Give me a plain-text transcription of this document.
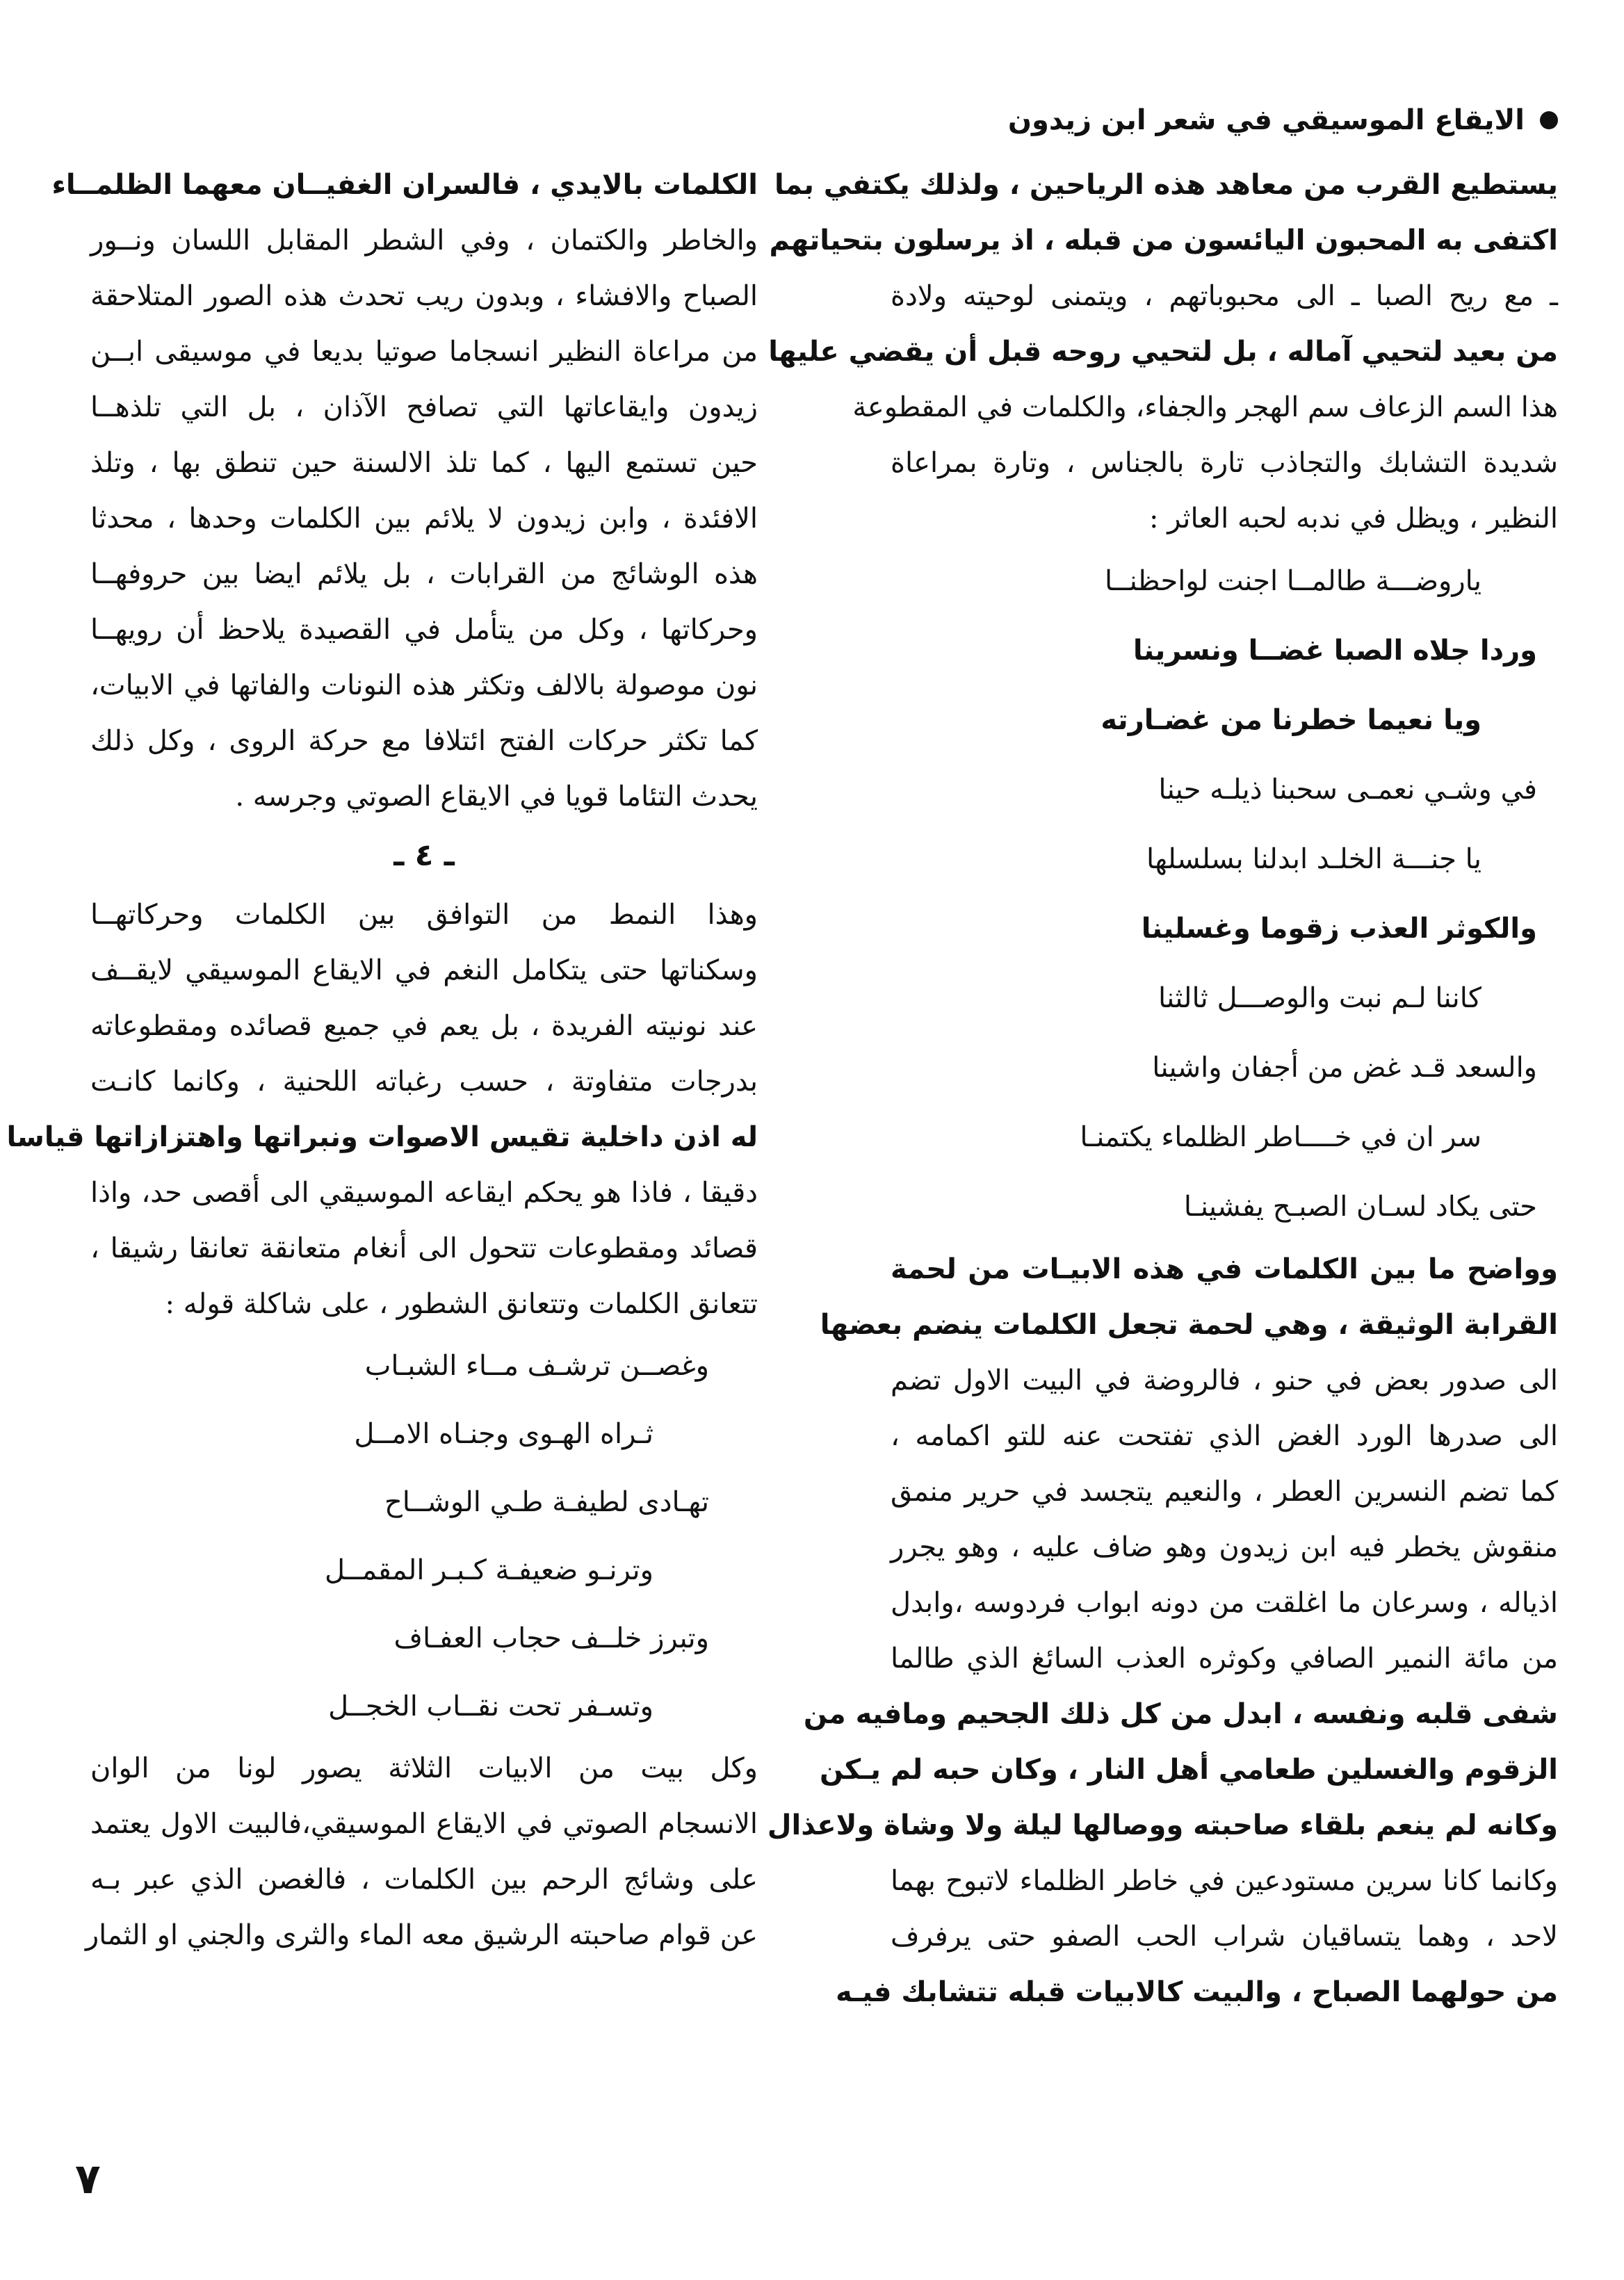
الايقاع الموسيقي في شعر ابن زيدون
يستطيع القرب من معاهد هذه الرياحين ، ولذلك يكتفي بما
اكتفى به المحبون اليائسون من قبله ، اذ يرسلون بتحياتهم
ـ مع ريح الصبا ـ الى محبوباتهم ، ويتمنى لوحيته ولادة
من بعيد لتحيي آماله ، بل لتحيي روحه قبل أن يقضي عليها
هذا السم الزعاف سم الهجر والجفاء، والكلمات في المقطوعة
شديدة التشابك والتجاذب تارة بالجناس ، وتارة بمراعاة
النظير ، ويظل في ندبه لحبه العاثر :
ياروضـــة طالمــا اجنت لواحظنــا
وردا جلاه الصبا غضــا ونسرينا
ويا نعيما خطرنا من غضـارته
في وشـي نعمـى سحبنا ذيلـه حينا
يا جنـــة الخلـد ابدلنا بسلسلها
والكوثر العذب زقوما وغسلينا
كاننا لـم نبت والوصـــل ثالثنا
والسعد قـد غض من أجفان واشينا
سر ان في خــــاطر الظلماء يكتمنـا
حتى يكاد لسـان الصبـح يفشينـا
وواضح ما بين الكلمات في هذه الابيـات من لحمة
القرابة الوثيقة ، وهي لحمة تجعل الكلمات ينضم بعضها
الى صدور بعض في حنو ، فالروضة في البيت الاول تضم
الى صدرها الورد الغض الذي تفتحت عنه للتو اكمامه ،
كما تضم النسرين العطر ، والنعيم يتجسد في حرير منمق
منقوش يخطر فيه ابن زيدون وهو ضاف عليه ، وهو يجرر
اذياله ، وسرعان ما اغلقت من دونه ابواب فردوسه ،وابدل
من مائة النمير الصافي وكوثره العذب السائغ الذي طالما
شفى قلبه ونفسه ، ابدل من كل ذلك الجحيم ومافيه من
الزقوم والغسلين طعامي أهل النار ، وكان حبه لم يـكن
وكانه لم ينعم بلقاء صاحبته ووصالها ليلة ولا وشاة ولاعذال
وكانما كانا سرين مستودعين في خاطر الظلماء لاتبوح بهما
لاحد ، وهما يتساقيان شراب الحب الصفو حتى يرفرف
من حولهما الصباح ، والبيت كالابيات قبله تتشابك فيـه
الكلمات بالايدي ، فالسران الغفيــان معهما الظلمــاء
والخاطر والكتمان ، وفي الشطر المقابل اللسان ونــور
الصباح والافشاء ، وبدون ريب تحدث هذه الصور المتلاحقة
من مراعاة النظير انسجاما صوتيا بديعا في موسيقى ابــن
زيدون وايقاعاتها التي تصافح الآذان ، بل التي تلذهــا
حين تستمع اليها ، كما تلذ الالسنة حين تنطق بها ، وتلذ
الافئدة ، وابن زيدون لا يلائم بين الكلمات وحدها ، محدثا
هذه الوشائج من القرابات ، بل يلائم ايضا بين حروفهــا
وحركاتها ، وكل من يتأمل في القصيدة يلاحظ أن رويهــا
نون موصولة بالالف وتكثر هذه النونات والفاتها في الابيات،
كما تكثر حركات الفتح ائتلافا مع حركة الروى ، وكل ذلك
يحدث التئاما قويا في الايقاع الصوتي وجرسه .
ـ ٤ ـ
وهذا النمط من التوافق بين الكلمات وحركاتهــا
وسكناتها حتى يتكامل النغم في الايقاع الموسيقي لايقــف
عند نونيته الفريدة ، بل يعم في جميع قصائده ومقطوعاته
بدرجات متفاوتة ، حسب رغباته اللحنية ، وكانما كانـت
له اذن داخلية تقيس الاصوات ونبراتها واهتزازاتها قياسا
دقيقا ، فاذا هو يحكم ايقاعه الموسيقي الى أقصى حد، واذا
قصائد ومقطوعات تتحول الى أنغام متعانقة تعانقا رشيقا ،
تتعانق الكلمات وتتعانق الشطور ، على شاكلة قوله :
وغصــن ترشـف مــاء الشبـاب
ثـراه الهـوى وجنـاه الامــل
تهـادى لطيفـة طـي الوشــاح
وترنـو ضعيفـة كـبـر المقمــل
وتبرز خلــف حجاب العفـاف
وتسـفر تحت نقــاب الخجــل
وكل بيت من الابيات الثلاثة يصور لونا من الوان
الانسجام الصوتي في الايقاع الموسيقي،فالبيت الاول يعتمد
على وشائج الرحم بين الكلمات ، فالغصن الذي عبر بـه
عن قوام صاحبته الرشيق معه الماء والثرى والجني او الثمار
٧
